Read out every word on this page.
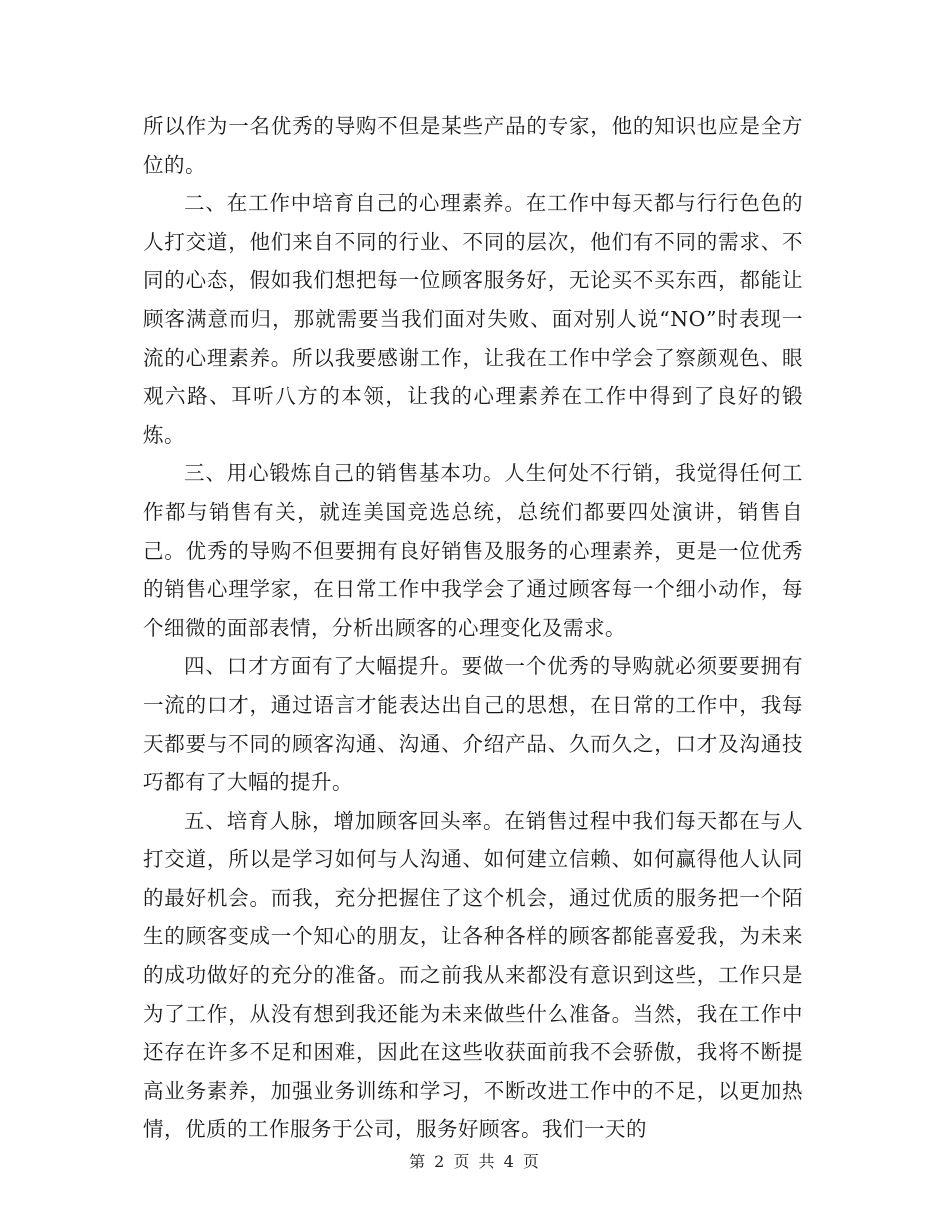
所以作为一名优秀的导购不但是某些产品的专家，他的知识也应是全方位的。

二、在工作中培育自己的心理素养。在工作中每天都与行行色色的人打交道，他们来自不同的行业、不同的层次，他们有不同的需求、不同的心态，假如我们想把每一位顾客服务好，无论买不买东西，都能让顾客满意而归，那就需要当我们面对失败、面对别人说“NO”时表现一流的心理素养。所以我要感谢工作，让我在工作中学会了察颜观色、眼观六路、耳听八方的本领，让我的心理素养在工作中得到了良好的锻炼。

三、用心锻炼自己的销售基本功。人生何处不行销，我觉得任何工作都与销售有关，就连美国竞选总统，总统们都要四处演讲，销售自己。优秀的导购不但要拥有良好销售及服务的心理素养，更是一位优秀的销售心理学家，在日常工作中我学会了通过顾客每一个细小动作，每个细微的面部表情，分析出顾客的心理变化及需求。

四、口才方面有了大幅提升。要做一个优秀的导购就必须要要拥有一流的口才，通过语言才能表达出自己的思想，在日常的工作中，我每天都要与不同的顾客沟通、沟通、介绍产品、久而久之，口才及沟通技巧都有了大幅的提升。

五、培育人脉，增加顾客回头率。在销售过程中我们每天都在与人打交道，所以是学习如何与人沟通、如何建立信赖、如何赢得他人认同的最好机会。而我，充分把握住了这个机会，通过优质的服务把一个陌生的顾客变成一个知心的朋友，让各种各样的顾客都能喜爱我，为未来的成功做好的充分的准备。而之前我从来都没有意识到这些，工作只是为了工作，从没有想到我还能为未来做些什么准备。当然，我在工作中还存在许多不足和困难，因此在这些收获面前我不会骄傲，我将不断提高业务素养，加强业务训练和学习，不断改进工作中的不足，以更加热情，优质的工作服务于公司，服务好顾客。我们一天的

第 2 页 共 4 页
